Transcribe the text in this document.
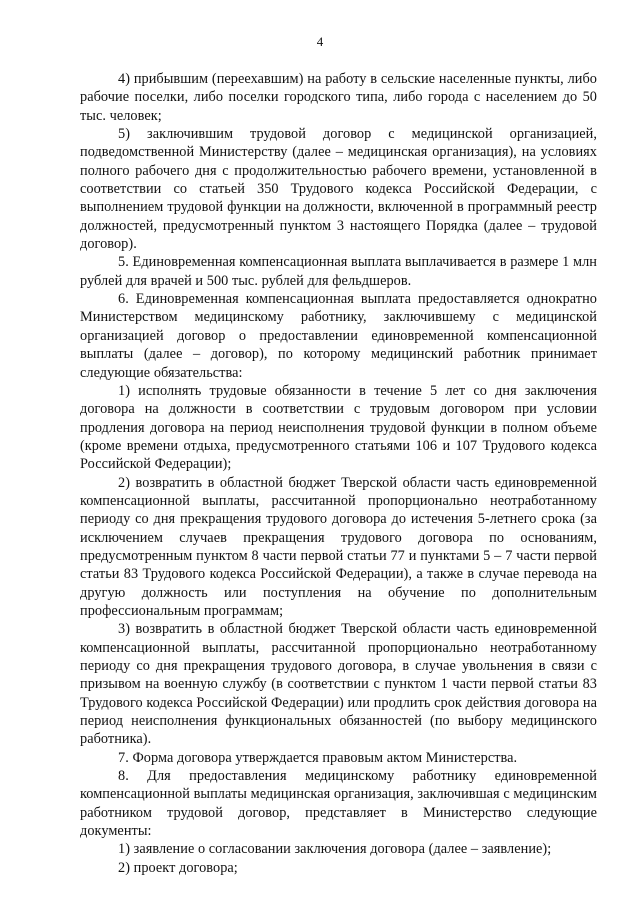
4

4) прибывшим (переехавшим) на работу в сельские населенные пункты, либо рабочие поселки, либо поселки городского типа, либо города с населением до 50 тыс. человек;

5) заключившим трудовой договор с медицинской организацией, подведомственной Министерству (далее – медицинская организация), на условиях полного рабочего дня с продолжительностью рабочего времени, установленной в соответствии со статьей 350 Трудового кодекса Российской Федерации, с выполнением трудовой функции на должности, включенной в программный реестр должностей, предусмотренный пунктом 3 настоящего Порядка (далее – трудовой договор).

5. Единовременная компенсационная выплата выплачивается в размере 1 млн рублей для врачей и 500 тыс. рублей для фельдшеров.

6. Единовременная компенсационная выплата предоставляется однократно Министерством медицинскому работнику, заключившему с медицинской организацией договор о предоставлении единовременной компенсационной выплаты (далее – договор), по которому медицинский работник принимает следующие обязательства:

1) исполнять трудовые обязанности в течение 5 лет со дня заключения договора на должности в соответствии с трудовым договором при условии продления договора на период неисполнения трудовой функции в полном объеме (кроме времени отдыха, предусмотренного статьями 106 и 107 Трудового кодекса Российской Федерации);

2) возвратить в областной бюджет Тверской области часть единовременной компенсационной выплаты, рассчитанной пропорционально неотработанному периоду со дня прекращения трудового договора до истечения 5-летнего срока (за исключением случаев прекращения трудового договора по основаниям, предусмотренным пунктом 8 части первой статьи 77 и пунктами 5 – 7 части первой статьи 83 Трудового кодекса Российской Федерации), а также в случае перевода на другую должность или поступления на обучение по дополнительным профессиональным программам;

3) возвратить в областной бюджет Тверской области часть единовременной компенсационной выплаты, рассчитанной пропорционально неотработанному периоду со дня прекращения трудового договора, в случае увольнения в связи с призывом на военную службу (в соответствии с пунктом 1 части первой статьи 83 Трудового кодекса Российской Федерации) или продлить срок действия договора на период неисполнения функциональных обязанностей (по выбору медицинского работника).

7. Форма договора утверждается правовым актом Министерства.

8. Для предоставления медицинскому работнику единовременной компенсационной выплаты медицинская организация, заключившая с медицинским работником трудовой договор, представляет в Министерство следующие документы:

1) заявление о согласовании заключения договора (далее – заявление);

2) проект договора;
